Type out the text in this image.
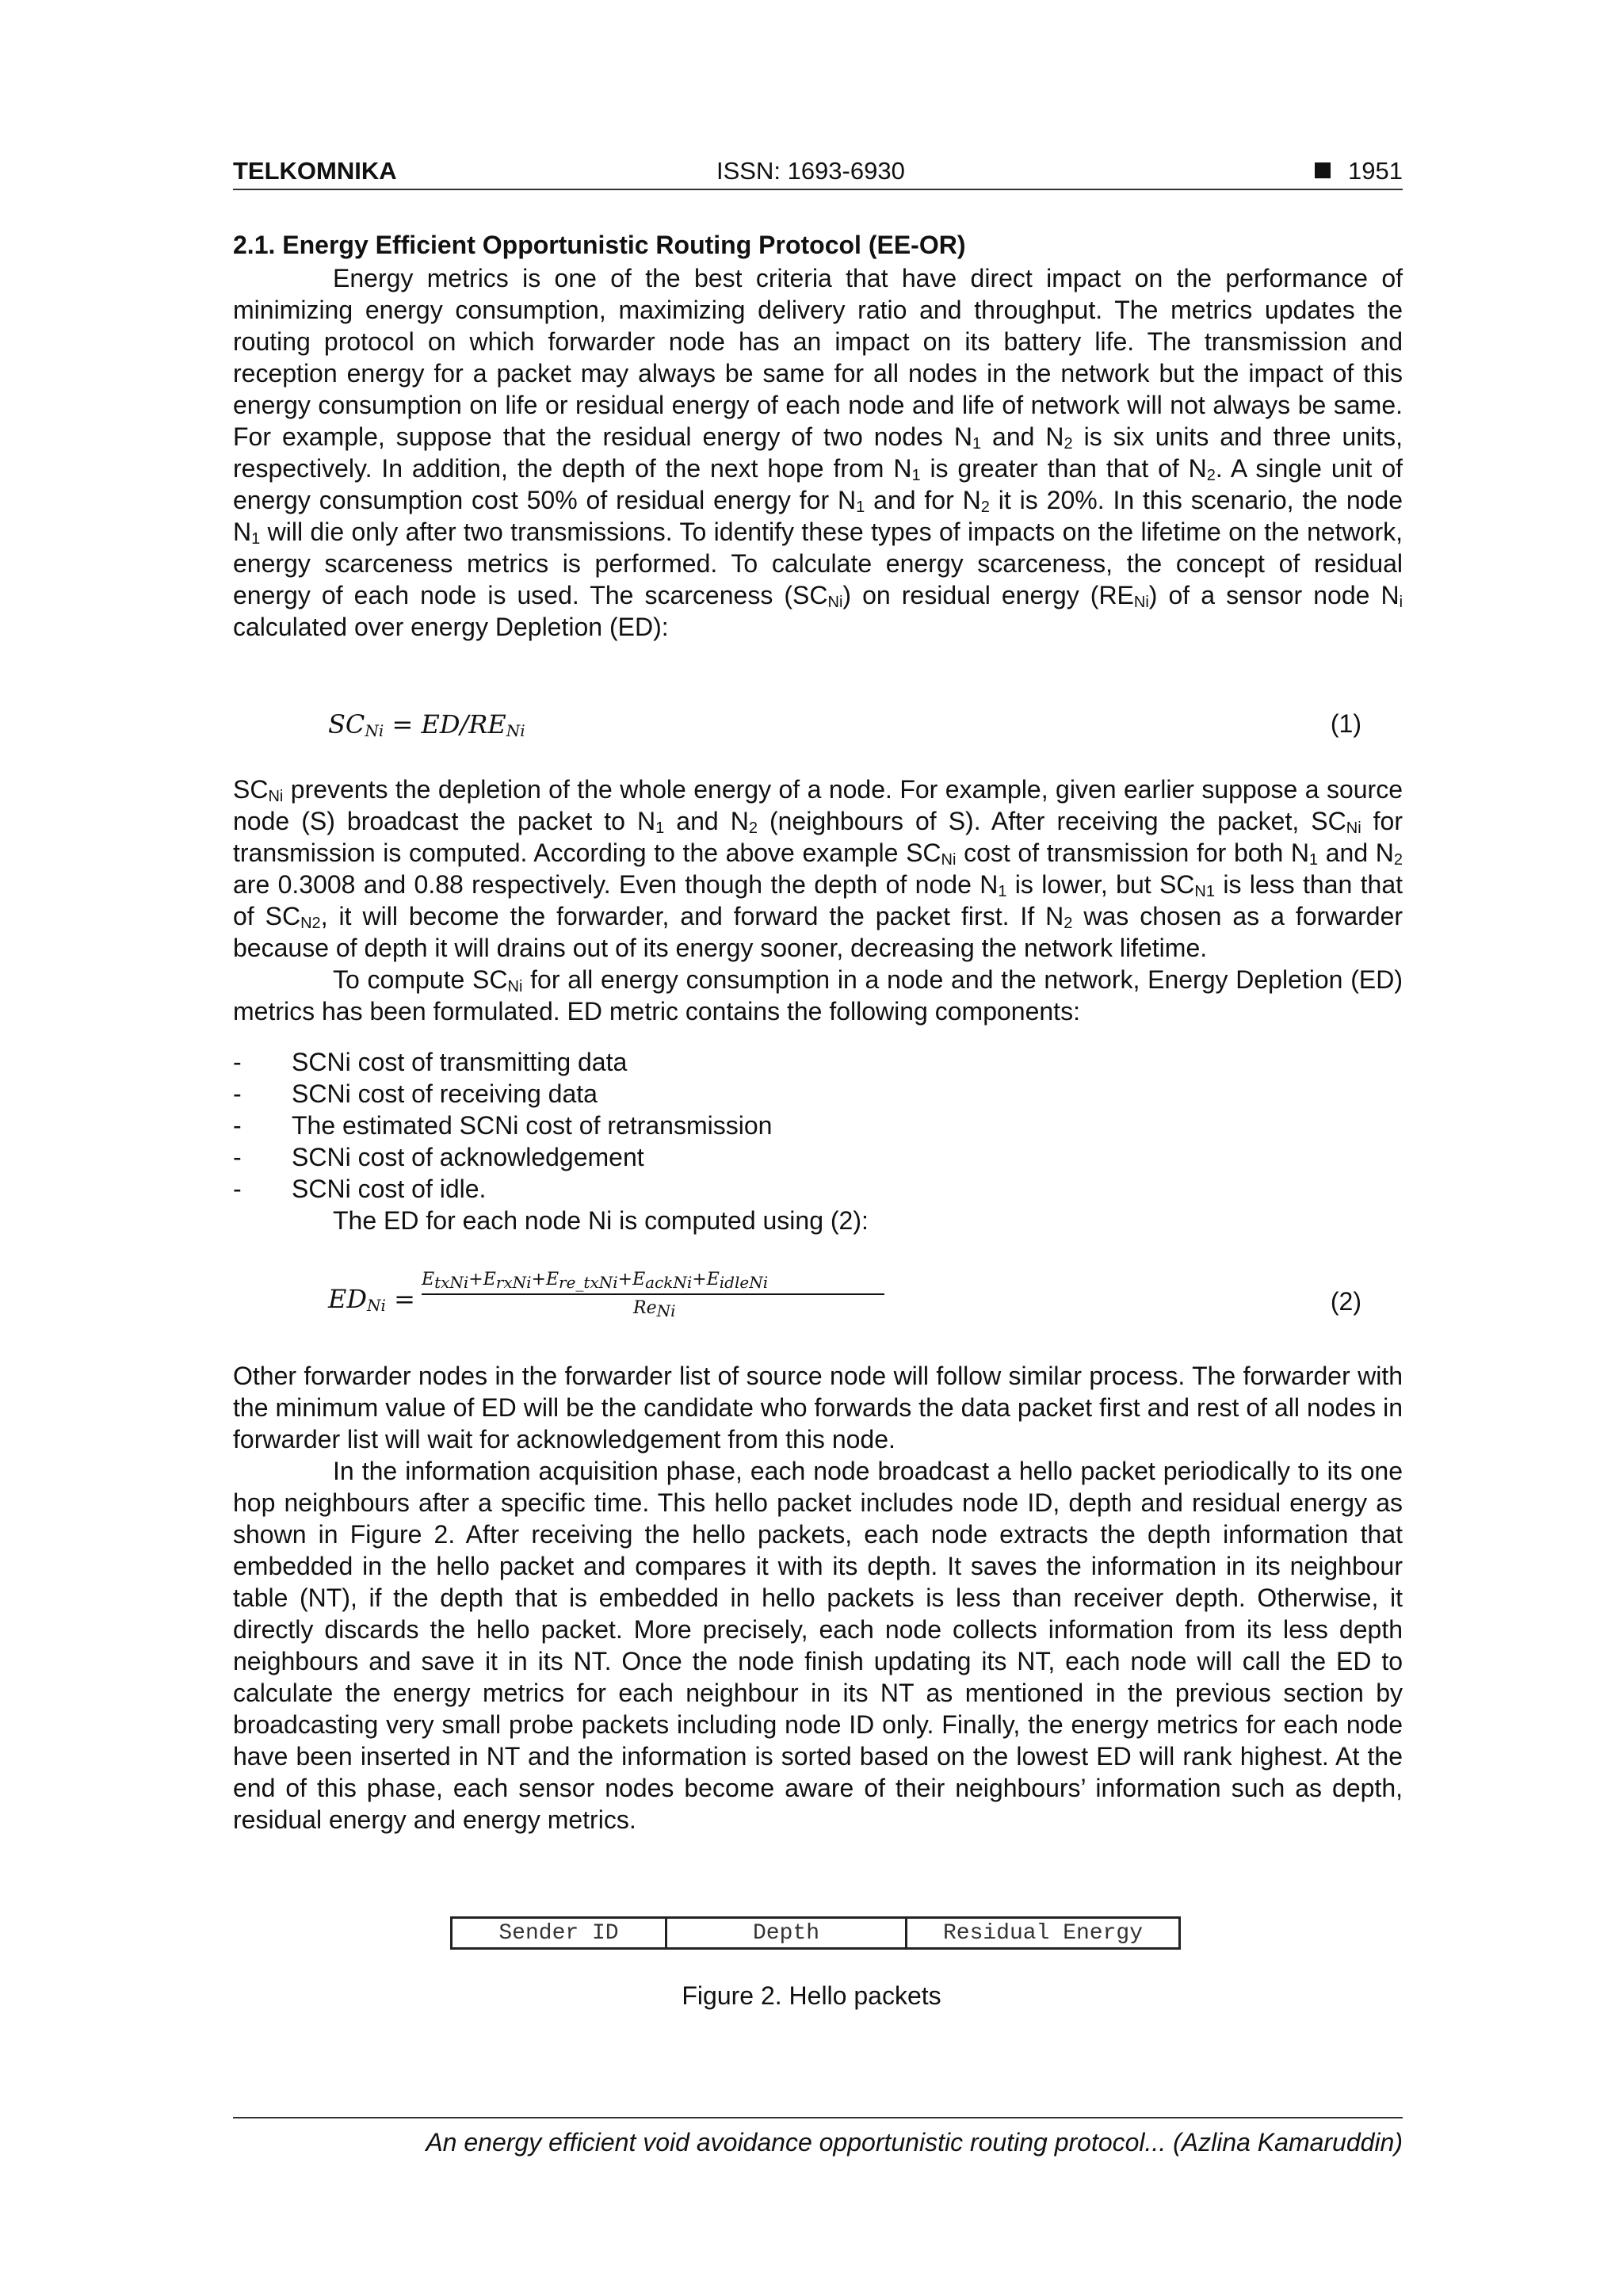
TELKOMNIKA	ISSN: 1693-6930	1951
2.1. Energy Efficient Opportunistic Routing Protocol (EE-OR)

Energy metrics is one of the best criteria that have direct impact on the performance of minimizing energy consumption, maximizing delivery ratio and throughput. The metrics updates the routing protocol on which forwarder node has an impact on its battery life. The transmission and reception energy for a packet may always be same for all nodes in the network but the impact of this energy consumption on life or residual energy of each node and life of network will not always be same. For example, suppose that the residual energy of two nodes $N_1$ and $N_2$ is six units and three units, respectively. In addition, the depth of the next hope from $N_1$ is greater than that of $N_2$. A single unit of energy consumption cost 50% of residual energy for $N_1$ and for $N_2$ it is 20%. In this scenario, the node $N_1$ will die only after two transmissions. To identify these types of impacts on the lifetime on the network, energy scarceness metrics is performed. To calculate energy scarceness, the concept of residual energy of each node is used. The scarceness $(SC_{Ni})$ on residual energy $(RE_{Ni})$ of a sensor node $N_i$ calculated over energy Depletion (ED):

$SC_{Ni} = ED/RE_{Ni}$	(1)

$SC_{Ni}$ prevents the depletion of the whole energy of a node. For example, given earlier suppose a source node (S) broadcast the packet to $N_1$ and $N_2$ (neighbours of S). After receiving the packet, $SC_{Ni}$ for transmission is computed. According to the above example $SC_{Ni}$ cost of transmission for both $N_1$ and $N_2$ are 0.3008 and 0.88 respectively. Even though the depth of node $N_1$ is lower, but $SC_{N1}$ is less than that of $SC_{N2}$, it will become the forwarder, and forward the packet first. If $N_2$ was chosen as a forwarder because of depth it will drains out of its energy sooner, decreasing the network lifetime.

To compute $SC_{Ni}$ for all energy consumption in a node and the network, Energy Depletion (ED) metrics has been formulated. ED metric contains the following components:

- SCNi cost of transmitting data
- SCNi cost of receiving data
- The estimated SCNi cost of retransmission
- SCNi cost of acknowledgement
- SCNi cost of idle.
The ED for each node Ni is computed using (2):
$ED_{Ni}$ =
$E_{txNi}+E_{rxNi}+E_{re\_txNi}+E_{ackNi}+E_{idleNi}$
$Re_{Ni}$	(2)

Other forwarder nodes in the forwarder list of source node will follow similar process. The forwarder with the minimum value of ED will be the candidate who forwards the data packet first and rest of all nodes in forwarder list will wait for acknowledgement from this node.

In the information acquisition phase, each node broadcast a hello packet periodically to its one hop neighbours after a specific time. This hello packet includes node ID, depth and residual energy as shown in Figure 2. After receiving the hello packets, each node extracts the depth information that embedded in the hello packet and compares it with its depth. It saves the information in its neighbour table (NT), if the depth that is embedded in hello packets is less than receiver depth. Otherwise, it directly discards the hello packet. More precisely, each node collects information from its less depth neighbours and save it in its NT. Once the node finish updating its NT, each node will call the ED to calculate the energy metrics for each neighbour in its NT as mentioned in the previous section by broadcasting very small probe packets including node ID only. Finally, the energy metrics for each node have been inserted in NT and the information is sorted based on the lowest ED will rank highest. At the end of this phase, each sensor nodes become aware of their neighbours’ information such as depth, residual energy and energy metrics.

Sender ID	Depth	Residual Energy
Figure 2. Hello packets
An energy efficient void avoidance opportunistic routing protocol... (Azlina Kamaruddin)
